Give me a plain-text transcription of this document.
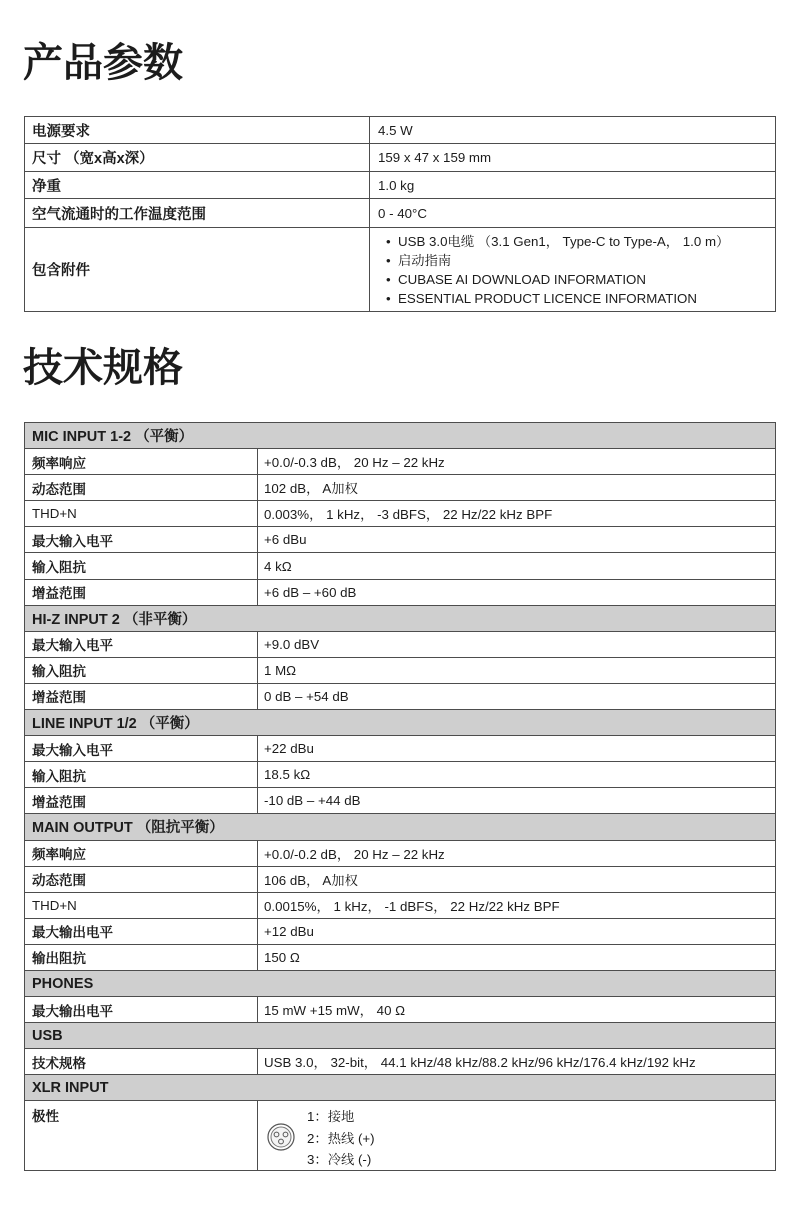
产品参数
电源要求	4.5 W
尺寸 （宽x高x深）	159 x 47 x 159 mm
净重	1.0 kg
空气流通时的工作温度范围	0 - 40°C
包含附件
• USB 3.0电缆 （3.1 Gen1， Type-C to Type-A， 1.0 m）
• 启动指南
• CUBASE AI DOWNLOAD INFORMATION
• ESSENTIAL PRODUCT LICENCE INFORMATION
技术规格
MIC INPUT 1-2 （平衡）
频率响应	+0.0/-0.3 dB， 20 Hz – 22 kHz
动态范围	102 dB， A加权
THD+N	0.003%， 1 kHz， -3 dBFS， 22 Hz/22 kHz BPF
最大输入电平	+6 dBu
输入阻抗	4 kΩ
增益范围	+6 dB – +60 dB
HI-Z INPUT 2 （非平衡）
最大输入电平	+9.0 dBV
输入阻抗	1 MΩ
增益范围	0 dB – +54 dB
LINE INPUT 1/2 （平衡）
最大输入电平	+22 dBu
输入阻抗	18.5 kΩ
增益范围	-10 dB – +44 dB
MAIN OUTPUT （阻抗平衡）
频率响应	+0.0/-0.2 dB， 20 Hz – 22 kHz
动态范围	106 dB， A加权
THD+N	0.0015%， 1 kHz， -1 dBFS， 22 Hz/22 kHz BPF
最大输出电平	+12 dBu
输出阻抗	150 Ω
PHONES
最大输出电平	15 mW +15 mW， 40 Ω
USB
技术规格	USB 3.0， 32-bit， 44.1 kHz/48 kHz/88.2 kHz/96 kHz/176.4 kHz/192 kHz
XLR INPUT
极性	1：接地
2：热线 (+)
3：冷线 (-)
